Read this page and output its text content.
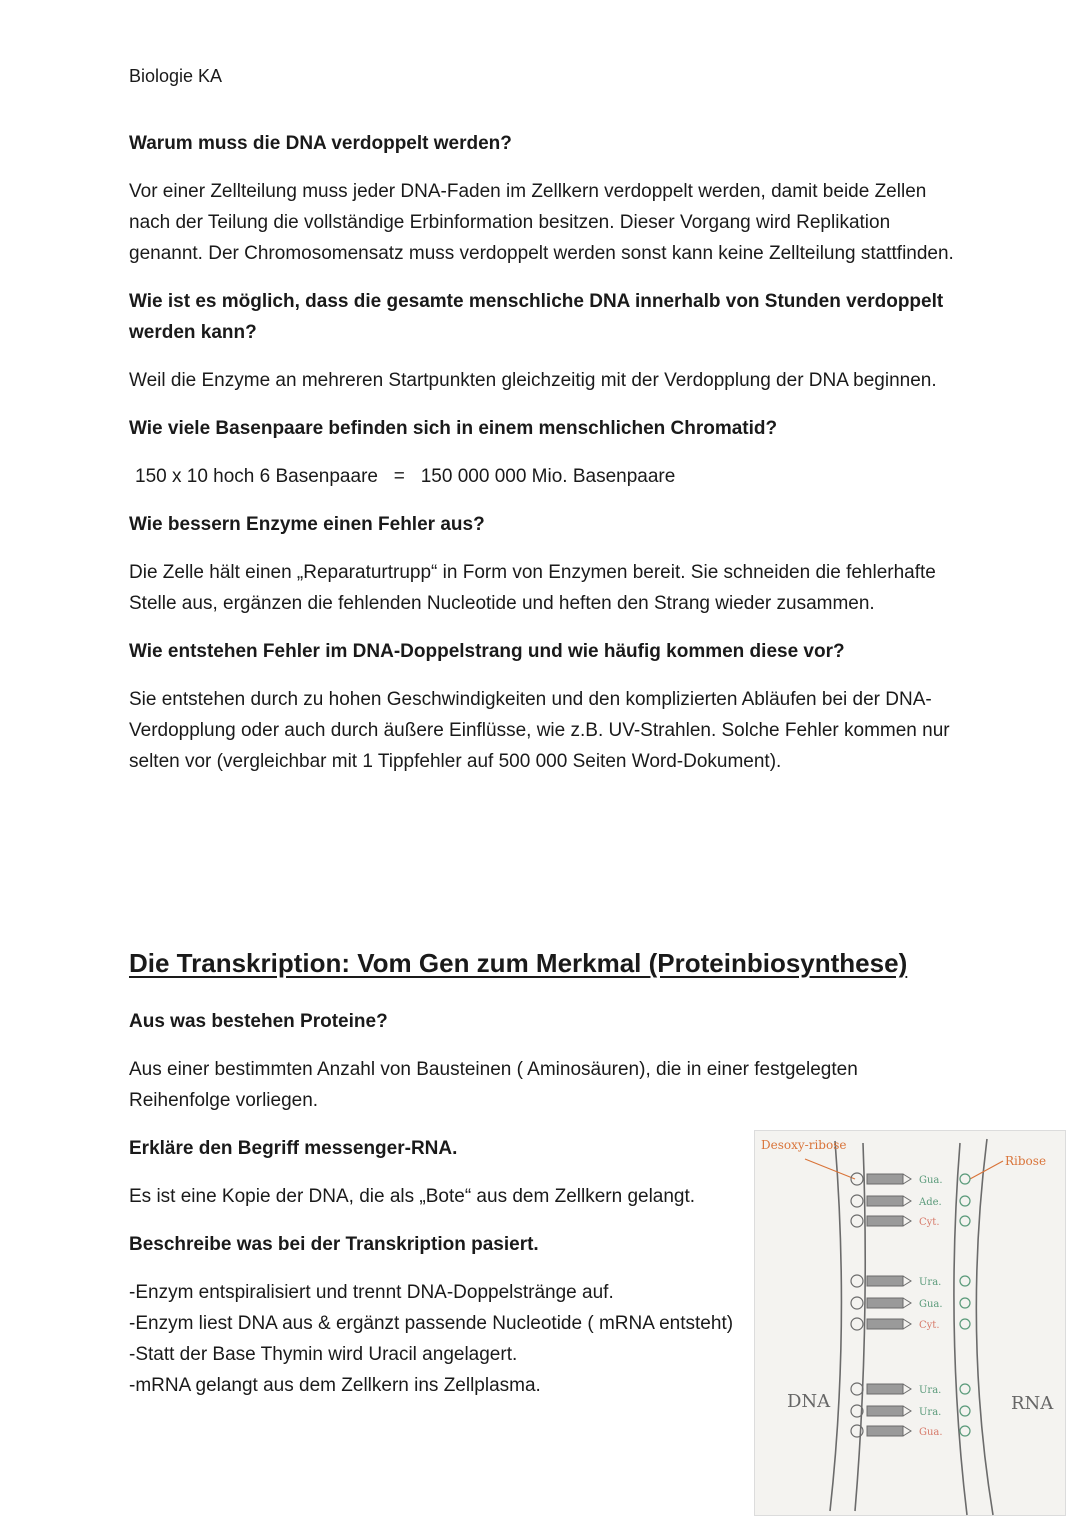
Biologie KA

Warum muss die DNA verdoppelt werden?

Vor einer Zellteilung muss jeder DNA-Faden im Zellkern verdoppelt werden, damit beide Zellen nach der Teilung die vollständige Erbinformation besitzen. Dieser Vorgang wird Replikation genannt. Der Chromosomensatz muss verdoppelt werden sonst kann keine Zellteilung stattfinden.

Wie ist es möglich, dass die gesamte menschliche DNA innerhalb von Stunden verdoppelt werden kann?

Weil die Enzyme an mehreren Startpunkten gleichzeitig mit der Verdopplung der DNA beginnen.

Wie viele Basenpaare befinden sich in einem menschlichen Chromatid?

150 x 10 hoch 6 Basenpaare   =   150 000 000 Mio. Basenpaare

Wie bessern Enzyme einen Fehler aus?

Die Zelle hält einen „Reparaturtrupp“ in Form von Enzymen bereit. Sie schneiden die fehlerhafte Stelle aus, ergänzen die fehlenden Nucleotide und heften den Strang wieder zusammen.

Wie entstehen Fehler im DNA-Doppelstrang und wie häufig kommen diese vor?

Sie entstehen durch zu hohen Geschwindigkeiten und den komplizierten Abläufen bei der DNA-Verdopplung oder auch durch äußere Einflüsse, wie z.B. UV-Strahlen. Solche Fehler kommen nur selten vor (vergleichbar mit 1 Tippfehler auf 500 000 Seiten Word-Dokument).

Die Transkription: Vom Gen zum Merkmal (Proteinbiosynthese)

Aus was bestehen Proteine?

Aus einer bestimmten Anzahl von Bausteinen ( Aminosäuren), die in einer festgelegten Reihenfolge vorliegen.

Erkläre den Begriff messenger-RNA.

Es ist eine Kopie der DNA, die als „Bote“ aus dem Zellkern gelangt.

Beschreibe was bei der Transkription pasiert.

-Enzym entspiralisiert und trennt DNA-Doppelstränge auf.
-Enzym liest DNA aus & ergänzt passende Nucleotide ( mRNA entsteht)
-Statt der Base Thymin wird Uracil angelagert.
-mRNA gelangt aus dem Zellkern ins Zellplasma.
Desoxy-ribose
Ribose
DNA	RNA
Gua.
Ade.
Cyt.
Ura.
Gua.
Cyt.
Ura.
Ura.
Gua.
